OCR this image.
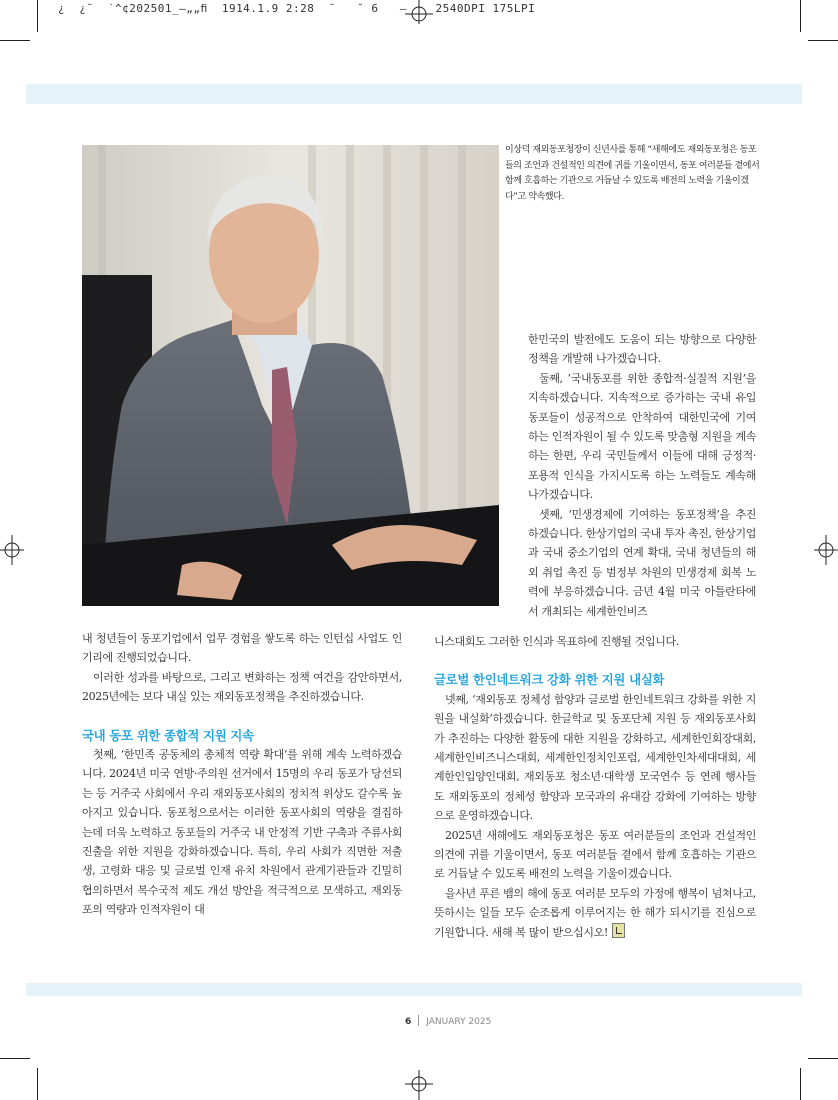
¿  ¿˘  ˙^¢202501_–„„ﬁ  1914.1.9 2:28  ˘   ˘ 6   –    2540DPI 175LPI
이상덕 재외동포청장이 신년사를 통해 “새해에도 재외동포청은 동포들의 조언과 건설적인 의견에 귀를 기울이면서, 동포 여러분들 곁에서 함께 호흡하는 기관으로 거듭날 수 있도록 배전의 노력을 기울이겠다”고 약속했다.

한민국의 발전에도 도움이 되는 방향으로 다양한 정책을 개발해 나가겠습니다.

둘째, ‘국내동포를 위한 종합적·실질적 지원’을 지속하겠습니다. 지속적으로 증가하는 국내 유입 동포들이 성공적으로 안착하여 대한민국에 기여하는 인적자원이 될 수 있도록 맞춤형 지원을 계속하는 한편, 우리 국민들께서 이들에 대해 긍정적·포용적 인식을 가지시도록 하는 노력들도 계속해 나가겠습니다.

셋째, ‘민생경제에 기여하는 동포정책’을 추진하겠습니다. 한상기업의 국내 투자 촉진, 한상기업과 국내 중소기업의 연계 확대, 국내 청년들의 해외 취업 촉진 등 범정부 차원의 민생경제 회복 노력에 부응하겠습니다. 금년 4월 미국 아틀란타에서 개최되는 세계한인비즈

내 청년들이 동포기업에서 업무 경험을 쌓도록 하는 인턴십 사업도 인기리에 진행되었습니다.

이러한 성과를 바탕으로, 그리고 변화하는 정책 여건을 감안하면서, 2025년에는 보다 내실 있는 재외동포정책을 추진하겠습니다.

국내 동포 위한 종합적 지원 지속

첫째, ‘한민족 공동체의 총체적 역량 확대’를 위해 계속 노력하겠습니다. 2024년 미국 연방·주의원 선거에서 15명의 우리 동포가 당선되는 등 거주국 사회에서 우리 재외동포사회의 정치적 위상도 갈수록 높아지고 있습니다. 동포청으로서는 이러한 동포사회의 역량을 결집하는데 더욱 노력하고 동포들의 거주국 내 안정적 기반 구축과 주류사회 진출을 위한 지원을 강화하겠습니다. 특히, 우리 사회가 직면한 저출생, 고령화 대응 및 글로벌 인재 유치 차원에서 관계기관들과 긴밀히 협의하면서 복수국적 제도 개선 방안을 적극적으로 모색하고, 재외동포의 역량과 인적자원이 대

니스대회도 그러한 인식과 목표하에 진행될 것입니다.

글로벌 한인네트워크 강화 위한 지원 내실화

넷째, ‘재외동포 정체성 함양과 글로벌 한인네트워크 강화를 위한 지원을 내실화’하겠습니다. 한글학교 및 동포단체 지원 등 재외동포사회가 추진하는 다양한 활동에 대한 지원을 강화하고, 세계한인회장대회, 세계한인비즈니스대회, 세계한인정치인포럼, 세계한인차세대대회, 세계한인입양인대회, 재외동포 청소년·대학생 모국연수 등 연례 행사들도 재외동포의 정체성 함양과 모국과의 유대감 강화에 기여하는 방향으로 운영하겠습니다.

2025년 새해에도 재외동포청은 동포 여러분들의 조언과 건설적인 의견에 귀를 기울이면서, 동포 여러분들 곁에서 함께 호흡하는 기관으로 거듭날 수 있도록 배전의 노력을 기울이겠습니다.

을사년 푸른 뱀의 해에 동포 여러분 모두의 가정에 행복이 넘쳐나고, 뜻하시는 일들 모두 순조롭게 이루어지는 한 해가 되시기를 진심으로 기원합니다. 새해 복 많이 받으십시오!

6 JANUARY 2025
